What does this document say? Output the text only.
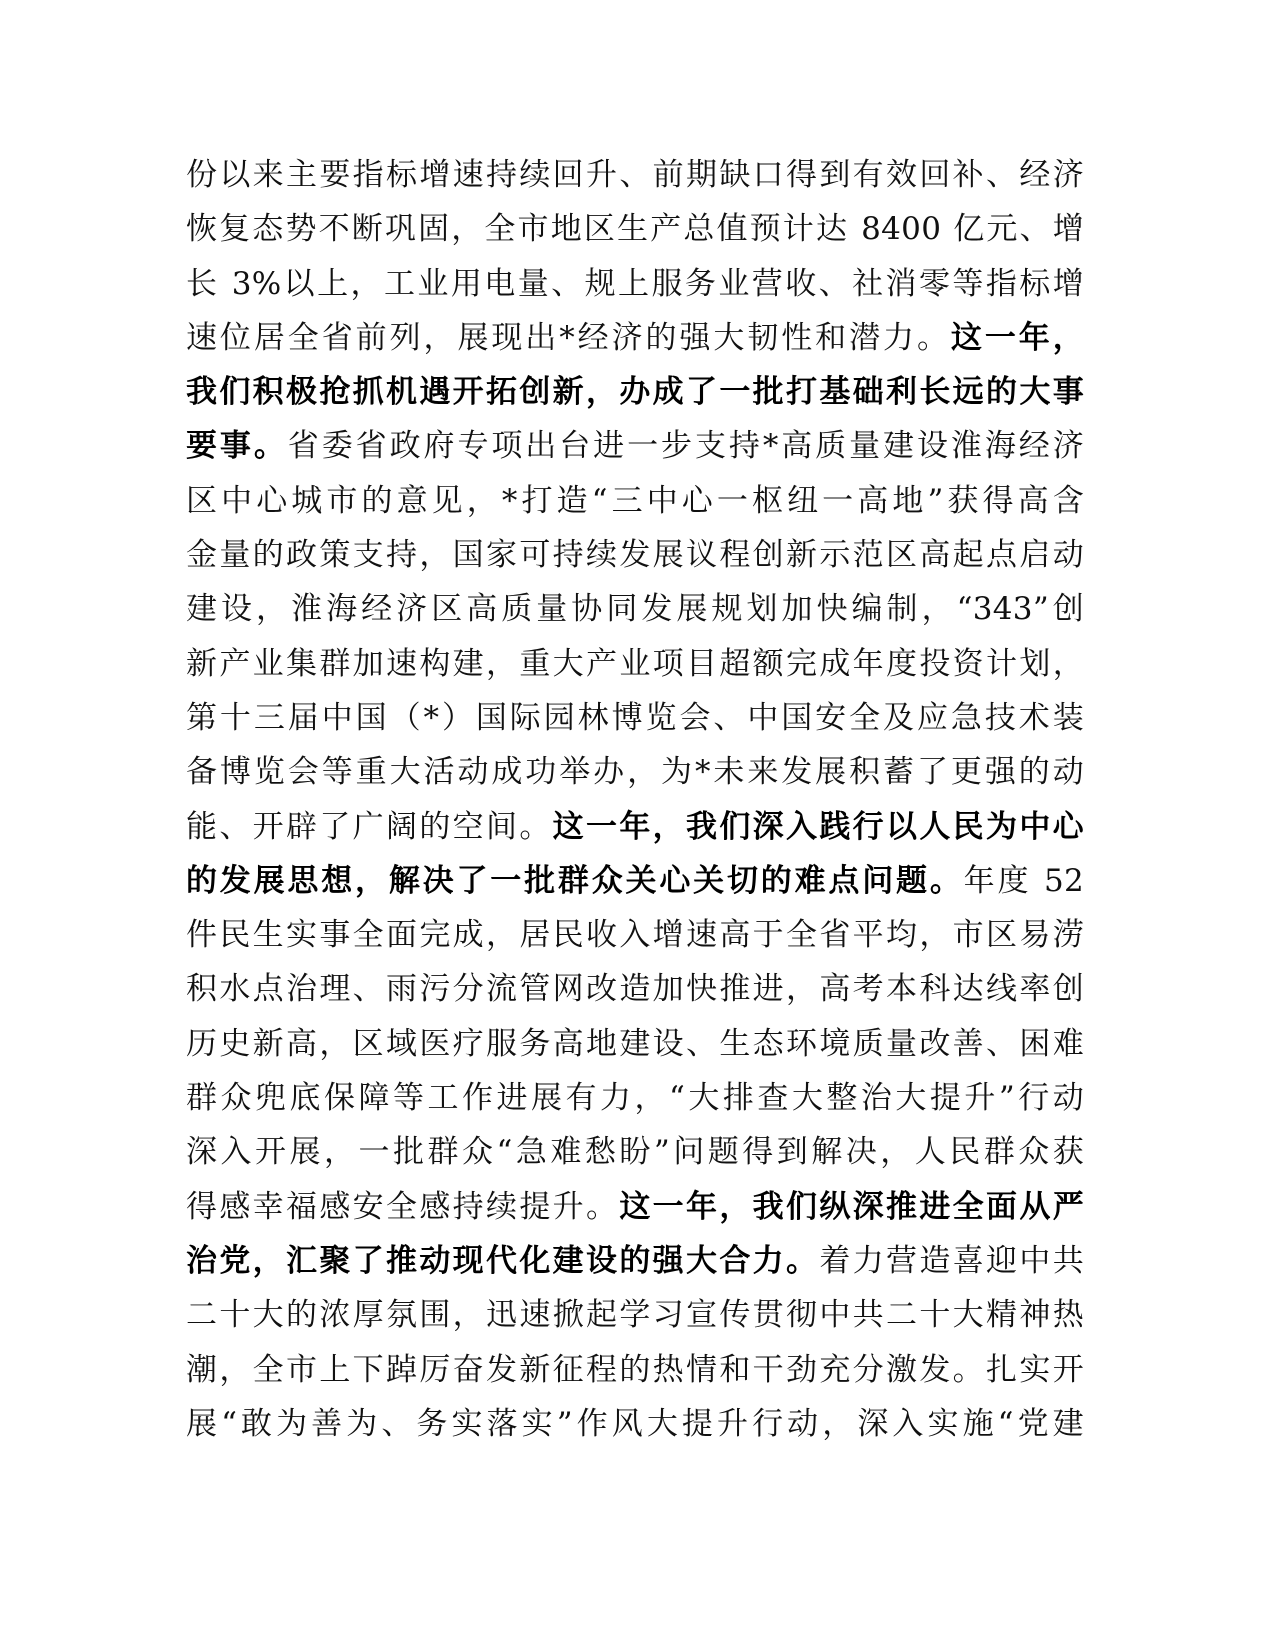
份以来主要指标增速持续回升、前期缺口得到有效回补、经济
恢复态势不断巩固，全市地区生产总值预计达 8400 亿元、增
长 3%以上，工业用电量、规上服务业营收、社消零等指标增
速位居全省前列，展现出*经济的强大韧性和潜力。这一年，
我们积极抢抓机遇开拓创新，办成了一批打基础利长远的大事
要事。省委省政府专项出台进一步支持*高质量建设淮海经济
区中心城市的意见，*打造“三中心一枢纽一高地”获得高含
金量的政策支持，国家可持续发展议程创新示范区高起点启动
建设，淮海经济区高质量协同发展规划加快编制，“343”创
新产业集群加速构建，重大产业项目超额完成年度投资计划，
第十三届中国（*）国际园林博览会、中国安全及应急技术装
备博览会等重大活动成功举办，为*未来发展积蓄了更强的动
能、开辟了广阔的空间。这一年，我们深入践行以人民为中心
的发展思想，解决了一批群众关心关切的难点问题。年度 52
件民生实事全面完成，居民收入增速高于全省平均，市区易涝
积水点治理、雨污分流管网改造加快推进，高考本科达线率创
历史新高，区域医疗服务高地建设、生态环境质量改善、困难
群众兜底保障等工作进展有力，“大排查大整治大提升”行动
深入开展，一批群众“急难愁盼”问题得到解决，人民群众获
得感幸福感安全感持续提升。这一年，我们纵深推进全面从严
治党，汇聚了推动现代化建设的强大合力。着力营造喜迎中共
二十大的浓厚氛围，迅速掀起学习宣传贯彻中共二十大精神热
潮，全市上下踔厉奋发新征程的热情和干劲充分激发。扎实开
展“敢为善为、务实落实”作风大提升行动，深入实施“党建
